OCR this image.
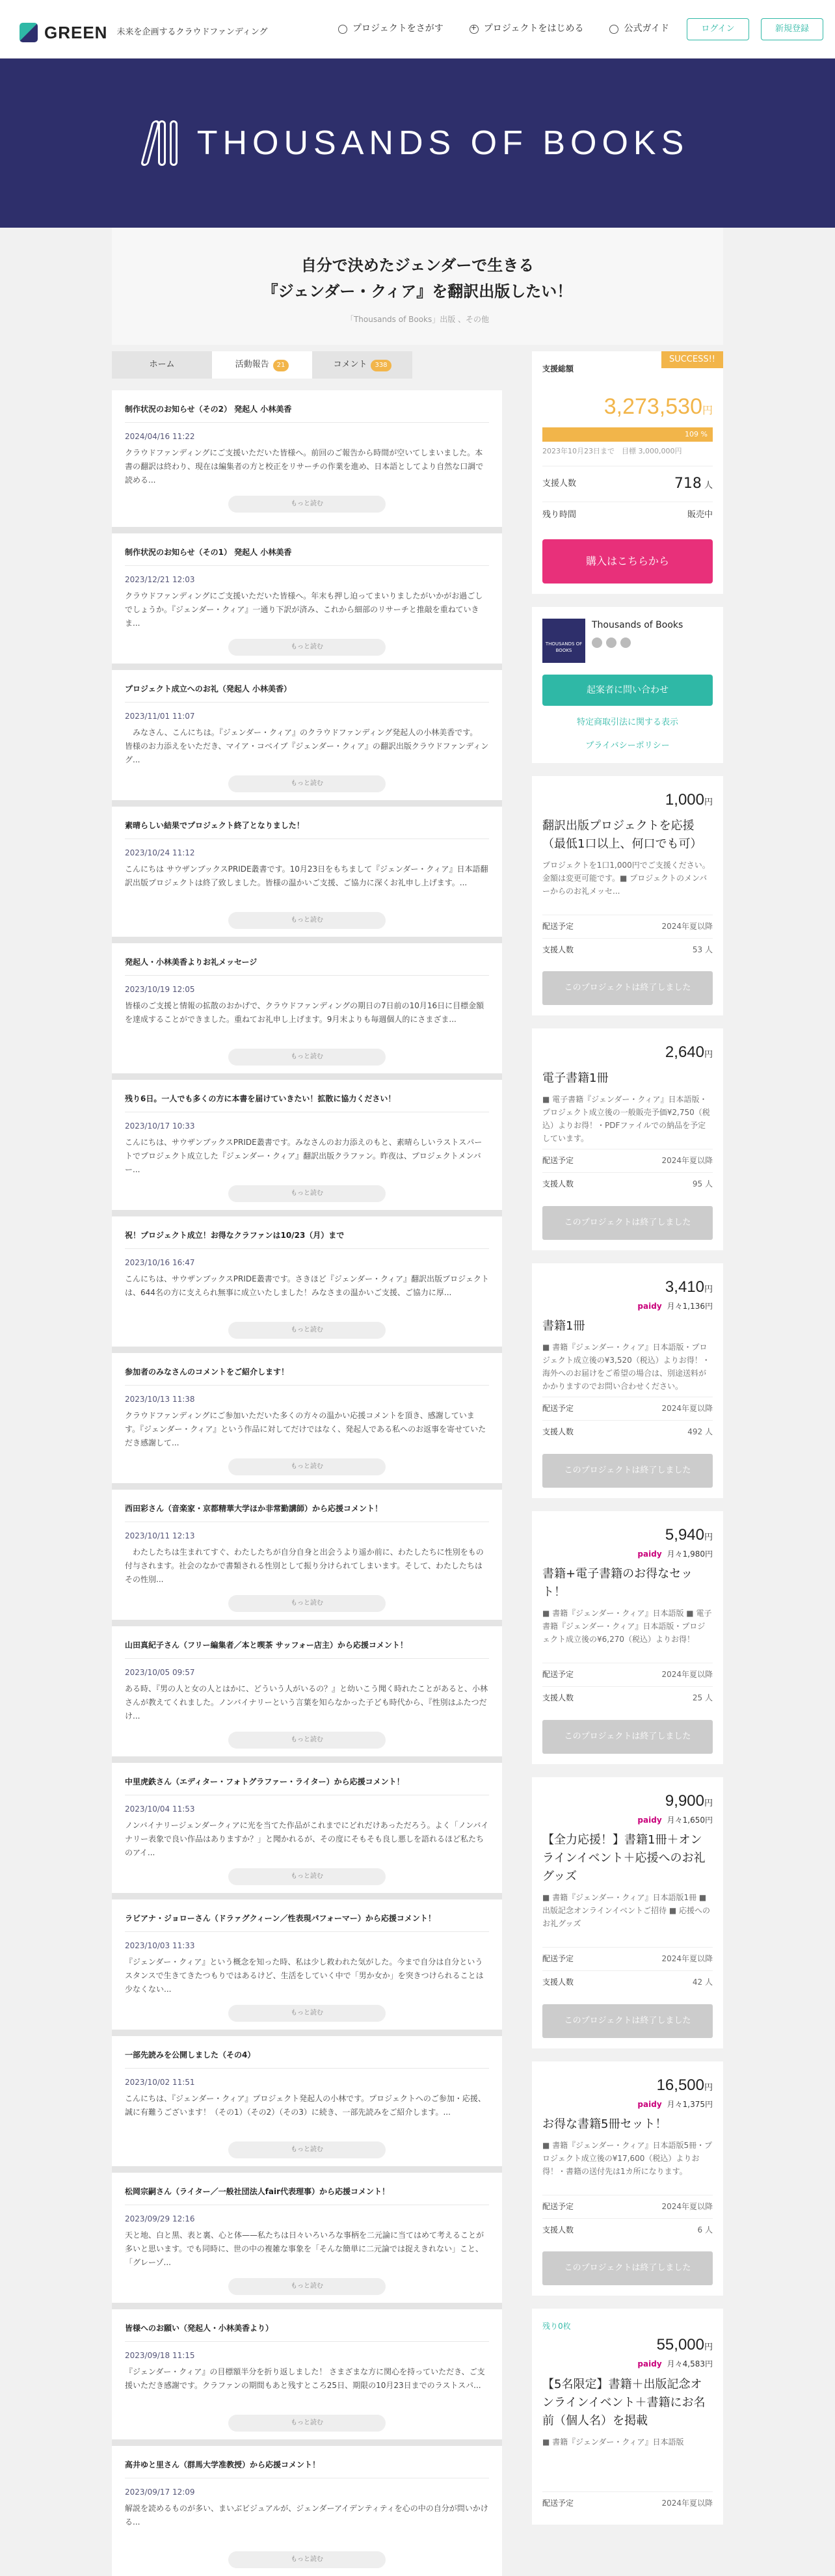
GREEN 未来を企画するクラウドファンディング	プロジェクトをさがす
+	プロジェクトをはじめる	公式ガイド	ログイン	新規登録
THOUSANDS OF BOOKS
自分で決めたジェンダーで生きる
『ジェンダー・クィア』を翻訳出版したい！
「Thousands of Books」出版 、その他
ホーム	活動報告 21	コメント 338
制作状況のお知らせ（その2） 発起人 小林美香
2024/04/16 11:22
クラウドファンディングにご支援いただいた皆様へ。前回のご報告から時間が空いてしまいました。本書の翻訳は終わり、現在は編集者の方と校正をリサーチの作業を進め、日本語としてより自然な口調で読める...
もっと読む
制作状況のお知らせ（その1） 発起人 小林美香
2023/12/21 12:03
クラウドファンディングにご支援いただいた皆様へ。年末も押し迫ってまいりましたがいかがお過ごしでしょうか。『ジェンダー・クィア』一通り下訳が済み、これから細部のリサーチと推敲を重ねていきま...
もっと読む
プロジェクト成立へのお礼（発起人 小林美香）
2023/11/01 11:07
　みなさん、こんにちは。『ジェンダー・クィア』のクラウドファンディング発起人の小林美香です。　皆様のお力添えをいただき、マイア・コベイブ『ジェンダー・クィア』の翻訳出版クラウドファンディング...
もっと読む
素晴らしい結果でプロジェクト終了となりました！
2023/10/24 11:12
こんにちは サウザンブックスPRIDE叢書です。10月23日をもちまして『ジェンダー・クィア』日本語翻訳出版プロジェクトは終了致しました。皆様の温かいご支援、ご協力に深くお礼申し上げます。...
もっと読む
発起人・小林美香よりお礼メッセージ
2023/10/19 12:05
皆様のご支援と情報の拡散のおかげで、クラウドファンディングの期日の7日前の10月16日に目標金額を達成することができました。重ねてお礼申し上げます。9月末よりも毎週個人的にさまざま...
もっと読む
残り6日。一人でも多くの方に本書を届けていきたい！拡散に協力ください！
2023/10/17 10:33
こんにちは、サウザンブックスPRIDE叢書です。みなさんのお力添えのもと、素晴らしいラストスパートでプロジェクト成立した『ジェンダー・クィア』翻訳出版クラファン。昨夜は、プロジェクトメンバー...
もっと読む
祝！プロジェクト成立！お得なクラファンは10/23（月）まで
2023/10/16 16:47
こんにちは、サウザンブックスPRIDE叢書です。さきほど『ジェンダー・クィア』翻訳出版プロジェクトは、644名の方に支えられ無事に成立いたしました！みなさまの温かいご支援、ご協力に厚...
もっと読む
参加者のみなさんのコメントをご紹介します！
2023/10/13 11:38
クラウドファンディングにご参加いただいた多くの方々の温かい応援コメントを頂き、感謝しています。『ジェンダー・クィア』という作品に対してだけではなく、発起人である私へのお返事を寄せていただき感謝して...
もっと読む
西田彩さん（音楽家・京都精華大学ほか非常勤講師）から応援コメント！
2023/10/11 12:13
　わたしたちは生まれてすぐ、わたしたちが自分自身と出会うより遥か前に、わたしたちに性別をもの付与されます。社会のなかで書類される性別として振り分けられてしまいます。そして、わたしたちはその性別...
もっと読む
山田真紀子さん（フリー編集者／本と喫茶 サッフォー店主）から応援コメント！
2023/10/05 09:57
ある時、『男の人と女の人とはかに、どういう人がいるの？』と幼いこう聞く時れたことがあると、小林さんが教えてくれました。ノンバイナリーという言葉を知らなかった子ども時代から、『性別はふたつだけ...
もっと読む
中里虎鉄さん（エディター・フォトグラファー・ライター）から応援コメント！
2023/10/04 11:53
ノンバイナリージェンダークィアに光を当てた作品がこれまでにどれだけあっただろう。よく「ノンバイナリー表象で良い作品はありますか？」と聞かれるが、その度にそもそも良し悪しを語れるほど私たちのアイ...
もっと読む
ラビアナ・ジョローさん（ドラァグクィーン／性表現パフォーマー）から応援コメント！
2023/10/03 11:33
『ジェンダー・クィア』という概念を知った時、私は少し救われた気がした。今まで自分は自分というスタンスで生きてきたつもりではあるけど、生活をしていく中で「男か女か」を突きつけられることは少なくない...
もっと読む
一部先読みを公開しました（その4）
2023/10/02 11:51
こんにちは、『ジェンダー・クィア』プロジェクト発起人の小林です。プロジェクトへのご参加・応援、誠に有難うございます！（その1）（その2）（その3）に続き、一部先読みをご紹介します。...
もっと読む
松岡宗嗣さん（ライター／一般社団法人fair代表理事）から応援コメント！
2023/09/29 12:16
天と地、白と黒、表と裏、心と体——私たちは日々いろいろな事柄を二元論に当てはめて考えることが多いと思います。でも同時に、世の中の複雑な事象を「そんな簡単に二元論では捉えきれない」こと、「グレーゾ...
もっと読む
皆様へのお願い（発起人・小林美香より）
2023/09/18 11:15
『ジェンダー・クィア』の目標額半分を折り返しました！ さまざまな方に関心を持っていただき、ご支援いただき感謝です。クラファンの期間もあと残すところ25日、期限の10月23日までのラストスパ...
もっと読む
高井ゆと里さん（群馬大学准教授）から応援コメント！
2023/09/17 12:09
解説を読めるものが多い、まいぶビジュアルが、ジェンダーアイデンティティを心の中の自分が問いかける...
もっと読む
SUCCESS!!
支援総額
3,273,530円
109 %
2023年10月23日まで　 目標 3,000,000円
支援人数	718 人
残り時間	販売中
購入はこちらから
THOUSANDS OF BOOKS
Thousands of Books
起案者に問い合わせ
特定商取引法に関する表示
プライバシーポリシー
1,000円
翻訳出版プロジェクトを応援（最低1口以上、何口でも可）
プロジェクトを1口1,000円でご支援ください。金額は変更可能です。■ プロジェクトのメンバーからのお礼メッセ...
配送予定	2024年夏以降
支援人数	53 人
このプロジェクトは終了しました
2,640円
電子書籍1冊
■ 電子書籍『ジェンダー・クィア』日本語版・プロジェクト成立後の一般販売予価¥2,750（税込）よりお得！・PDFファイルでの納品を予定しています。
配送予定	2024年夏以降
支援人数	95 人
このプロジェクトは終了しました
3,410円
paidy 月々1,136円
書籍1冊
■ 書籍『ジェンダー・クィア』日本語版・プロジェクト成立後の¥3,520（税込）よりお得！・海外へのお届けをご希望の場合は、別途送料がかかりますのでお問い合わせください。
配送予定	2024年夏以降
支援人数	492 人
このプロジェクトは終了しました
5,940円
paidy 月々1,980円
書籍+電子書籍のお得なセット！
■ 書籍『ジェンダー・クィア』日本語版 ■ 電子書籍『ジェンダー・クィア』日本語版・プロジェクト成立後の¥6,270（税込）よりお得！
配送予定	2024年夏以降
支援人数	25 人
このプロジェクトは終了しました
9,900円
paidy 月々1,650円
【全力応援！】書籍1冊＋オンラインイベント＋応援へのお礼グッズ
■ 書籍『ジェンダー・クィア』日本語版1冊 ■ 出版記念オンラインイベントご招待 ■ 応援へのお礼グッズ
配送予定	2024年夏以降
支援人数	42 人
このプロジェクトは終了しました
16,500円
paidy 月々1,375円
お得な書籍5冊セット！
■ 書籍『ジェンダー・クィア』日本語版5冊・プロジェクト成立後の¥17,600（税込）よりお得！・書籍の送付先は1カ所になります。
配送予定	2024年夏以降
支援人数	6 人
このプロジェクトは終了しました
残り0枚
55,000円
paidy 月々4,583円
【5名限定】書籍＋出版記念オンラインイベント＋書籍にお名前（個人名）を掲載
■ 書籍『ジェンダー・クィア』日本語版
配送予定	2024年夏以降
